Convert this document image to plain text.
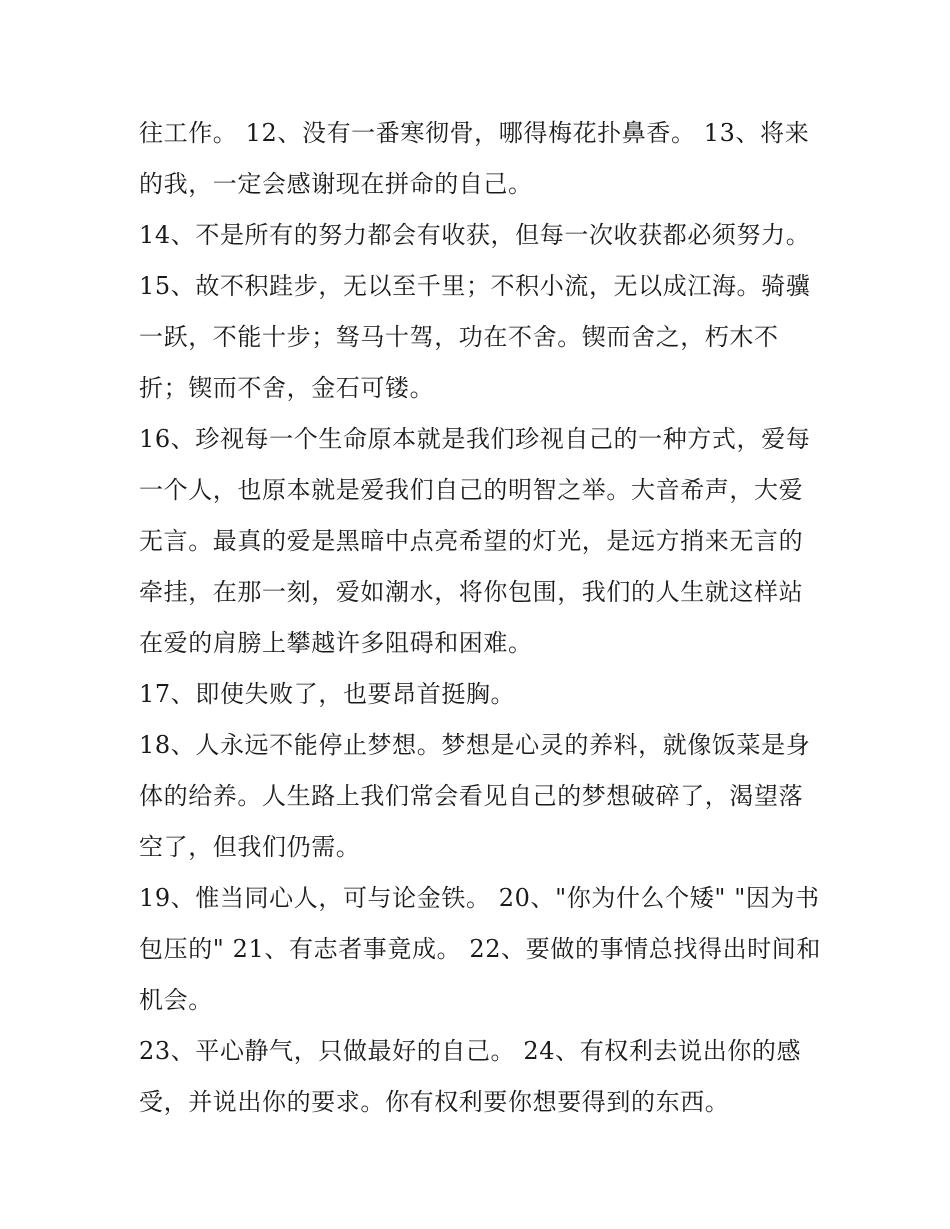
往工作。 12、没有一番寒彻骨，哪得梅花扑鼻香。 13、将来
的我，一定会感谢现在拼命的自己。
14、不是所有的努力都会有收获，但每一次收获都必须努力。
15、故不积跬步，无以至千里；不积小流，无以成江海。骑骥
一跃，不能十步；驽马十驾，功在不舍。锲而舍之，朽木不
折；锲而不舍，金石可镂。
16、珍视每一个生命原本就是我们珍视自己的一种方式，爱每
一个人，也原本就是爱我们自己的明智之举。大音希声，大爱
无言。最真的爱是黑暗中点亮希望的灯光，是远方捎来无言的
牵挂，在那一刻，爱如潮水，将你包围，我们的人生就这样站
在爱的肩膀上攀越许多阻碍和困难。
17、即使失败了，也要昂首挺胸。
18、人永远不能停止梦想。梦想是心灵的养料，就像饭菜是身
体的给养。人生路上我们常会看见自己的梦想破碎了，渴望落
空了，但我们仍需。
19、惟当同心人，可与论金铁。 20、"你为什么个矮" "因为书
包压的" 21、有志者事竟成。 22、要做的事情总找得出时间和
机会。
23、平心静气，只做最好的自己。 24、有权利去说出你的感
受，并说出你的要求。你有权利要你想要得到的东西。
